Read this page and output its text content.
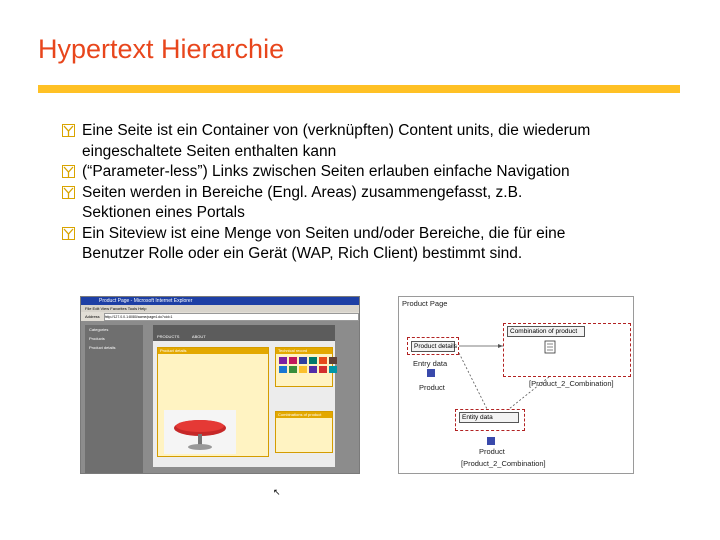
Hypertext Hierarchie

Eine Seite ist ein Container von (verknüpften) Content units, die wiederum
eingeschaltete Seiten enthalten kann

(“Parameter-less”) Links zwischen Seiten erlauben einfache Navigation

Seiten werden in Bereiche (Engl. Areas) zusammengefasst, z.B.
Sektionen eines Portals

Ein Siteview ist eine Menge von Seiten und/oder Bereiche, die für eine
Benutzer Rolle oder ein Gerät (WAP, Rich Client) bestimmt sind.

Product Page - Microsoft Internet Explorer
File Edit View Favorites Tools Help
Address http://127.0.0.1:8080/acme/page4.do?oid=1
Categories
Products
Product details
PRODUCTS	ABOUT
Product details	Technical record
Combinations of product
↖
Product Page
Product details
Combination of product
[Product_2_Combination]
Entry data
Product
Entity data
Product
[Product_2_Combination]
